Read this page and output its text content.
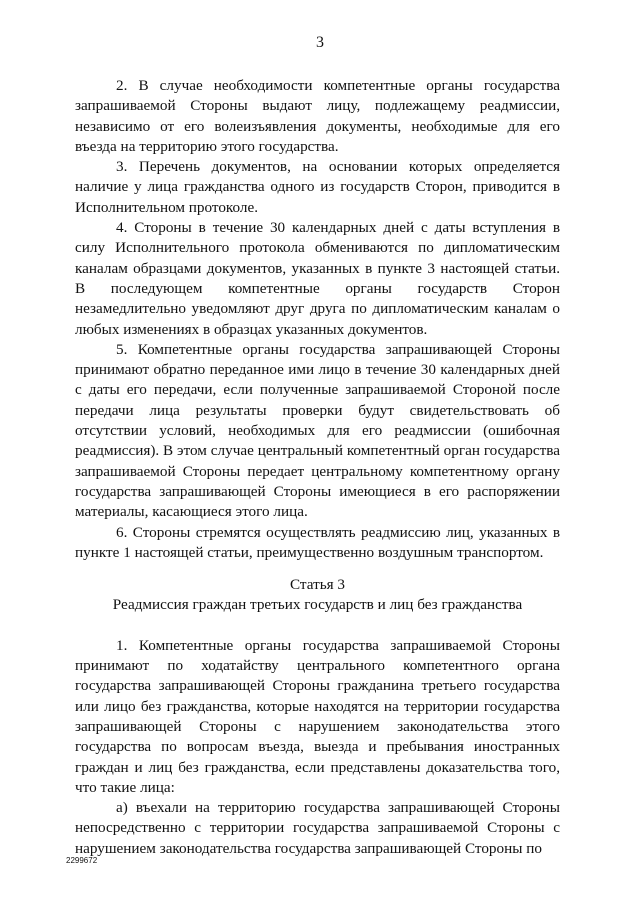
3

2. В случае необходимости компетентные органы государства запрашиваемой Стороны выдают лицу, подлежащему реадмиссии, независимо от его волеизъявления документы, необходимые для его въезда на территорию этого государства.

3. Перечень документов, на основании которых определяется наличие у лица гражданства одного из государств Сторон, приводится в Исполнительном протоколе.

4. Стороны в течение 30 календарных дней с даты вступления в силу Исполнительного протокола обмениваются по дипломатическим каналам образцами документов, указанных в пункте 3 настоящей статьи. В последующем компетентные органы государств Сторон незамедлительно уведомляют друг друга по дипломатическим каналам о любых изменениях в образцах указанных документов.

5. Компетентные органы государства запрашивающей Стороны принимают обратно переданное ими лицо в течение 30 календарных дней с даты его передачи, если полученные запрашиваемой Стороной после передачи лица результаты проверки будут свидетельствовать об отсутствии условий, необходимых для его реадмиссии (ошибочная реадмиссия). В этом случае центральный компетентный орган государства запрашиваемой Стороны передает центральному компетентному органу государства запрашивающей Стороны имеющиеся в его распоряжении материалы, касающиеся этого лица.

6. Стороны стремятся осуществлять реадмиссию лиц, указанных в пункте 1 настоящей статьи, преимущественно воздушным транспортом.

Статья 3

Реадмиссия граждан третьих государств и лиц без гражданства

1. Компетентные органы государства запрашиваемой Стороны принимают по ходатайству центрального компетентного органа государства запрашивающей Стороны гражданина третьего государства или лицо без гражданства, которые находятся на территории государства запрашивающей Стороны с нарушением законодательства этого государства по вопросам въезда, выезда и пребывания иностранных граждан и лиц без гражданства, если представлены доказательства того, что такие лица:

а) въехали на территорию государства запрашивающей Стороны непосредственно с территории государства запрашиваемой Стороны с нарушением законодательства государства запрашивающей Стороны по

2299672
